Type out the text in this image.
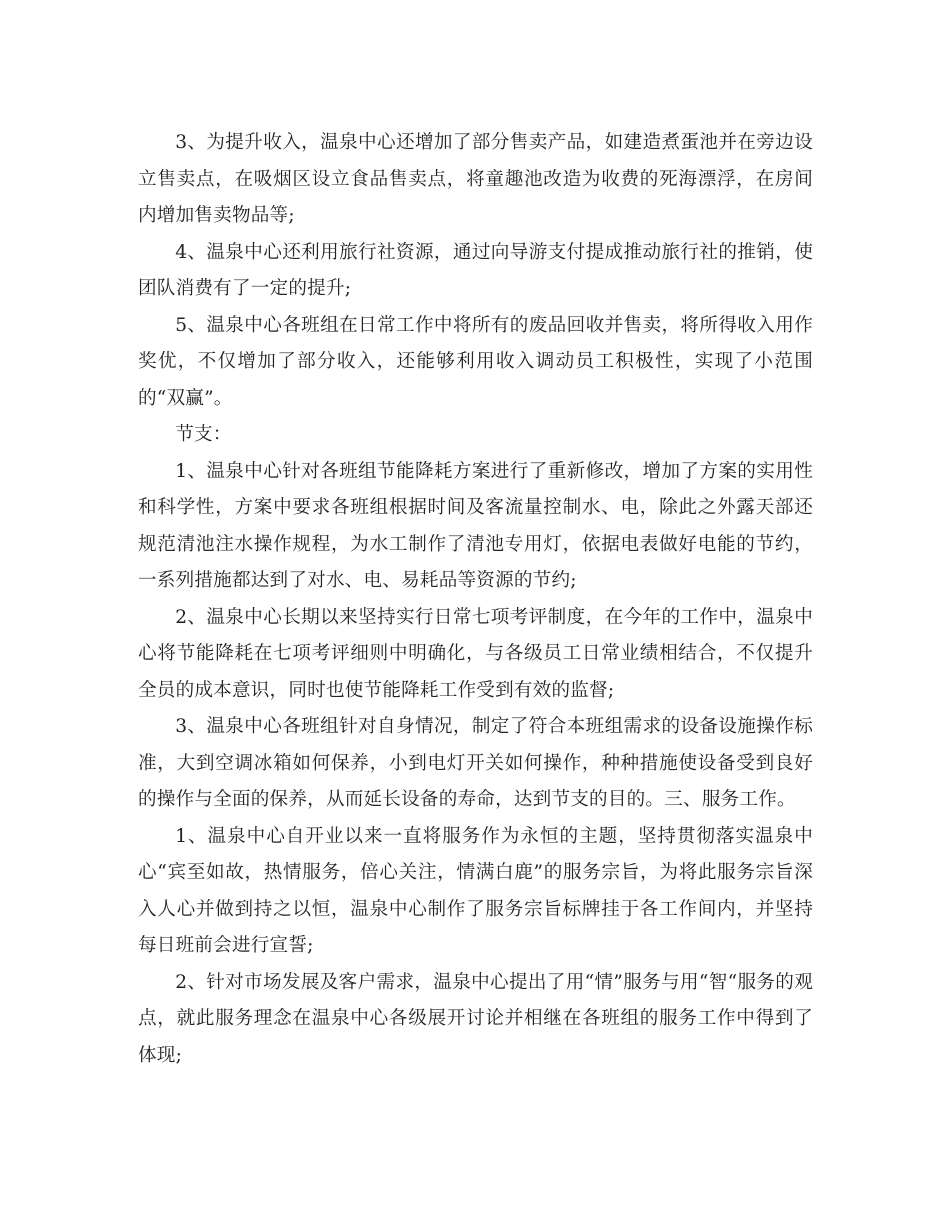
3、为提升收入，温泉中心还增加了部分售卖产品，如建造煮蛋池并在旁边设立售卖点，在吸烟区设立食品售卖点，将童趣池改造为收费的死海漂浮，在房间内增加售卖物品等;

4、温泉中心还利用旅行社资源，通过向导游支付提成推动旅行社的推销，使团队消费有了一定的提升;

5、温泉中心各班组在日常工作中将所有的废品回收并售卖，将所得收入用作奖优，不仅增加了部分收入，还能够利用收入调动员工积极性，实现了小范围的“双赢”。

节支：

1、温泉中心针对各班组节能降耗方案进行了重新修改，增加了方案的实用性和科学性，方案中要求各班组根据时间及客流量控制水、电，除此之外露天部还规范清池注水操作规程，为水工制作了清池专用灯，依据电表做好电能的节约，一系列措施都达到了对水、电、易耗品等资源的节约;

2、温泉中心长期以来坚持实行日常七项考评制度，在今年的工作中，温泉中心将节能降耗在七项考评细则中明确化，与各级员工日常业绩相结合，不仅提升全员的成本意识，同时也使节能降耗工作受到有效的监督;

3、温泉中心各班组针对自身情况，制定了符合本班组需求的设备设施操作标准，大到空调冰箱如何保养，小到电灯开关如何操作，种种措施使设备受到良好的操作与全面的保养，从而延长设备的寿命，达到节支的目的。三、服务工作。

1、温泉中心自开业以来一直将服务作为永恒的主题，坚持贯彻落实温泉中心“宾至如故，热情服务，倍心关注，情满白鹿”的服务宗旨，为将此服务宗旨深入人心并做到持之以恒，温泉中心制作了服务宗旨标牌挂于各工作间内，并坚持每日班前会进行宣誓;

2、针对市场发展及客户需求，温泉中心提出了用“情”服务与用“智“服务的观点，就此服务理念在温泉中心各级展开讨论并相继在各班组的服务工作中得到了体现;
